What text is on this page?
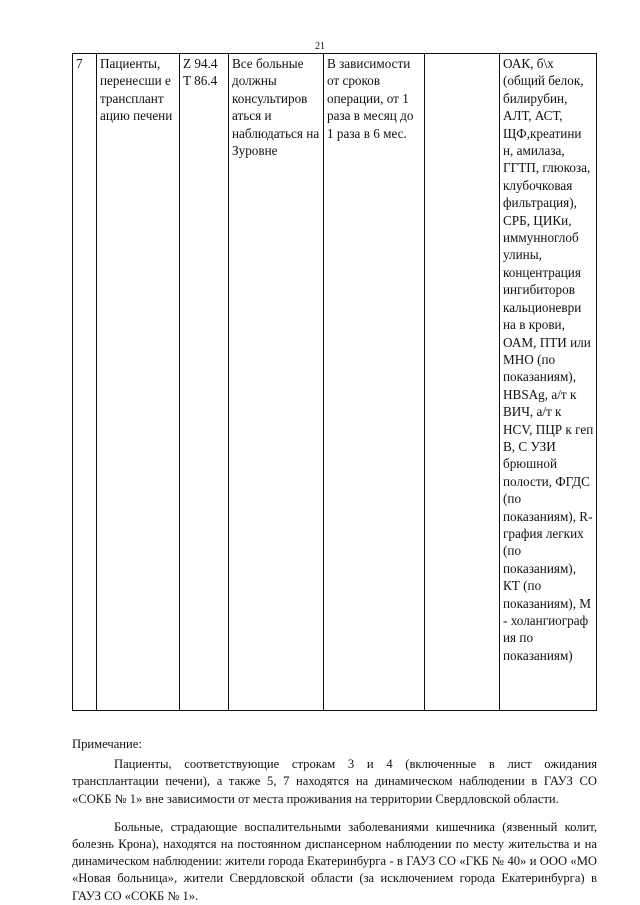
21
7	Пациенты, перенесши е трансплант ацию печени	Z 94.4 T 86.4	Все больные должны консультиров аться и наблюдаться на Зуровне	В зависимости от сроков операции, от 1 раза в месяц до 1 раза в 6 мес.		ОАК, б\х (общий белок, билирубин, АЛТ, АСТ, ЩФ,креатини н, амилаза, ГГТП, глюкоза, клубочковая фильтрация), СРБ, ЦИКи, иммунноглоб улины, концентрация ингибиторов кальционеври на в крови, ОАМ, ПТИ или МНО (по показаниям), HBSAg, а/т к ВИЧ, а/т к HCV, ПЦР к геп В, С УЗИ брюшной полости, ФГДС (по показаниям), R-графия легких (по показаниям), КТ (по показаниям), М - холангиограф ия по показаниям)

Примечание:

Пациенты, соответствующие строкам 3 и 4 (включенные в лист ожидания трансплантации печени), а также 5, 7 находятся на динамическом наблюдении в ГАУЗ СО «СОКБ № 1» вне зависимости от места проживания на территории Свердловской области.

Больные, страдающие воспалительными заболеваниями кишечника (язвенный колит, болезнь Крона), находятся на постоянном диспансерном наблюдении по месту жительства и на динамическом наблюдении: жители города Екатеринбурга - в ГАУЗ СО «ГКБ № 40» и ООО «МО «Новая больница», жители Свердловской области (за исключением города Екатеринбурга) в ГАУЗ СО «СОКБ № 1».
